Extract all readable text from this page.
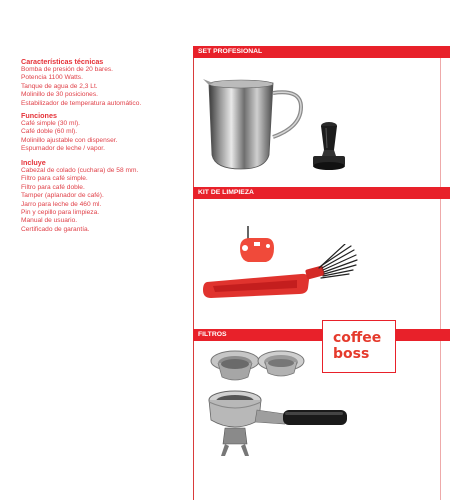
Características técnicas

Bomba de presión de 20 bares.

Potencia 1100 Watts.

Tanque de agua de 2,3 Lt.

Molinillo de 30 posiciones.

Estabilizador de temperatura automático.

Funciones

Café simple (30 ml).

Café doble (60 ml).

Molinillo ajustable con dispenser.

Espumador de leche / vapor.

Incluye

Cabezal de colado (cuchara) de 58 mm.

Filtro para café simple.

Filtro para café doble.

Tamper (aplanador de café).

Jarro para leche de 460 ml.

Pin y cepillo para limpieza.

Manual de usuario.

Certificado de garantía.

SET PROFESIONAL
KIT DE LIMPIEZA
FILTROS	coffee
boss
